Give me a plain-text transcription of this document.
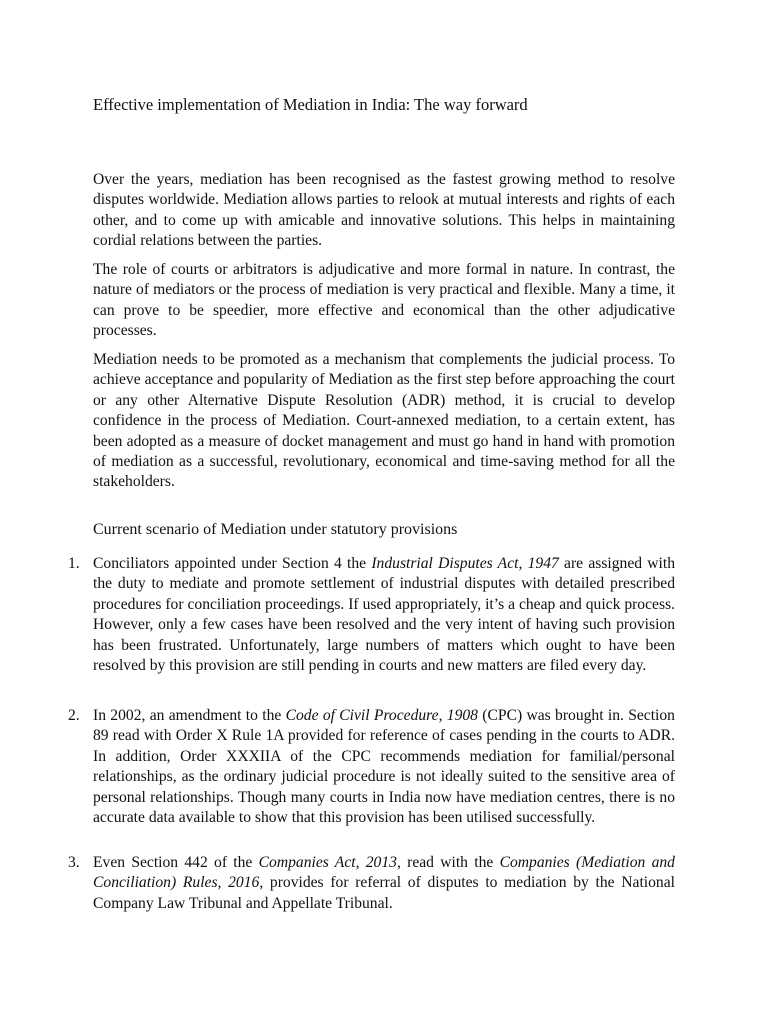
Effective implementation of Mediation in India: The way forward

Over the years, mediation has been recognised as the fastest growing method to resolve disputes worldwide. Mediation allows parties to relook at mutual interests and rights of each other, and to come up with amicable and innovative solutions. This helps in maintaining cordial relations between the parties.

The role of courts or arbitrators is adjudicative and more formal in nature. In contrast, the nature of mediators or the process of mediation is very practical and flexible. Many a time, it can prove to be speedier, more effective and economical than the other adjudicative processes.

Mediation needs to be promoted as a mechanism that complements the judicial process. To achieve acceptance and popularity of Mediation as the first step before approaching the court or any other Alternative Dispute Resolution (ADR) method, it is crucial to develop confidence in the process of Mediation. Court-annexed mediation, to a certain extent, has been adopted as a measure of docket management and must go hand in hand with promotion of mediation as a successful, revolutionary, economical and time-saving method for all the stakeholders.

Current scenario of Mediation under statutory provisions
1. Conciliators appointed under Section 4 the Industrial Disputes Act, 1947 are assigned with the duty to mediate and promote settlement of industrial disputes with detailed prescribed procedures for conciliation proceedings. If used appropriately, it’s a cheap and quick process. However, only a few cases have been resolved and the very intent of having such provision has been frustrated. Unfortunately, large numbers of matters which ought to have been resolved by this provision are still pending in courts and new matters are filed every day.
2. In 2002, an amendment to the Code of Civil Procedure, 1908 (CPC) was brought in. Section 89 read with Order X Rule 1A provided for reference of cases pending in the courts to ADR. In addition, Order XXXIIA of the CPC recommends mediation for familial/personal relationships, as the ordinary judicial procedure is not ideally suited to the sensitive area of personal relationships. Though many courts in India now have mediation centres, there is no accurate data available to show that this provision has been utilised successfully.
3. Even Section 442 of the Companies Act, 2013, read with the Companies (Mediation and Conciliation) Rules, 2016, provides for referral of disputes to mediation by the National Company Law Tribunal and Appellate Tribunal.
